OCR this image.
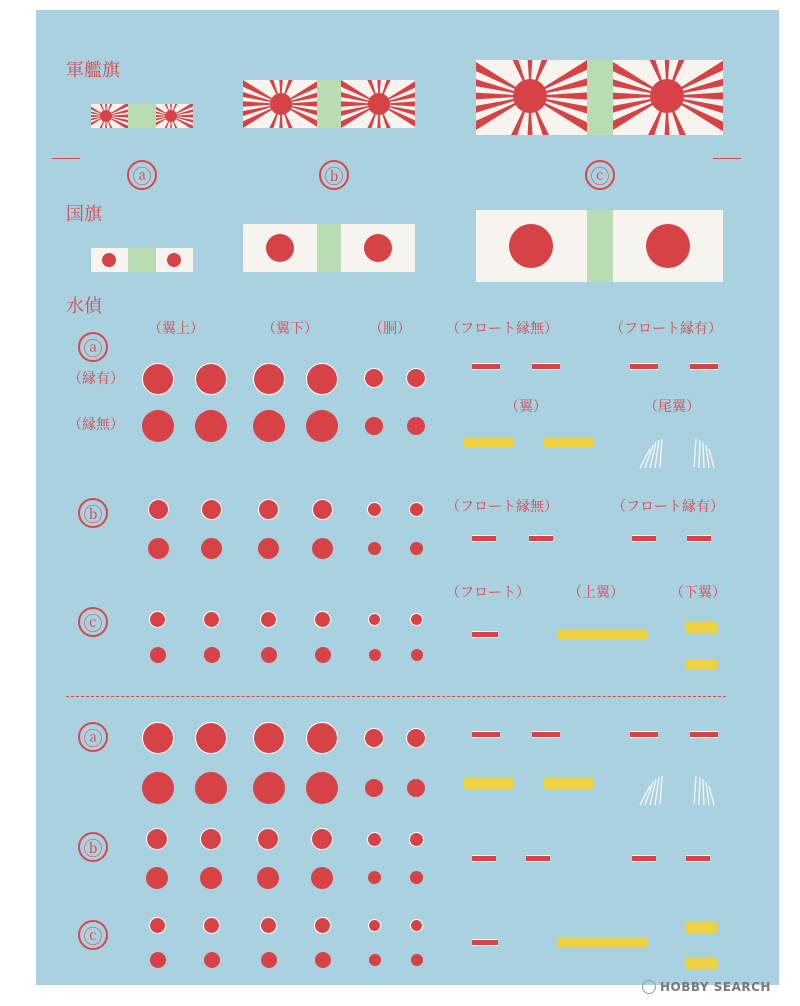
軍艦旗
ⓐ	ⓑ	ⓒ
国旗
水偵
（翼上）	（翼下）	（胴）	（フロート縁無）	（フロート縁有）
ⓐ
（縁有）
（縁無）
（翼）	（尾翼）
ⓑ	（フロート縁無）	（フロート縁有）
ⓒ
（フロート）	（上翼）	（下翼）
ⓐ
ⓑ
ⓒ
HOBBY SEARCH
